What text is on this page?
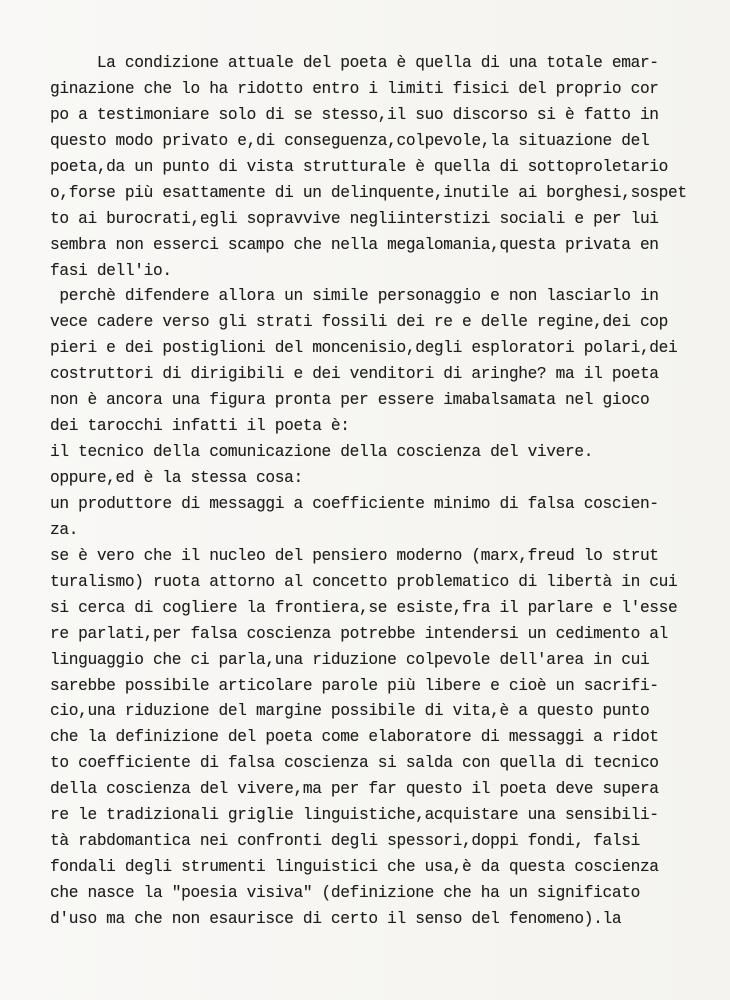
La condizione attuale del poeta è quella di una totale emar-
ginazione che lo ha ridotto entro i limiti fisici del proprio cor
po a testimoniare solo di se stesso,il suo discorso si è fatto in
questo modo privato e,di conseguenza,colpevole,la situazione del
poeta,da un punto di vista strutturale è quella di sottoproletario
o,forse più esattamente di un delinquente,inutile ai borghesi,sospet
to ai burocrati,egli sopravvive negliinterstizi sociali e per lui
sembra non esserci scampo che nella megalomania,questa privata en
fasi dell'io.
perchè difendere allora un simile personaggio e non lasciarlo in
vece cadere verso gli strati fossili dei re e delle regine,dei cop
pieri e dei postiglioni del moncenisio,degli esploratori polari,dei
costruttori di dirigibili e dei venditori di aringhe? ma il poeta
non è ancora una figura pronta per essere imabalsamata nel gioco
dei tarocchi infatti il poeta è:
il tecnico della comunicazione della coscienza del vivere.
oppure,ed è la stessa cosa:
un produttore di messaggi a coefficiente minimo di falsa coscien-
za.
se è vero che il nucleo del pensiero moderno (marx,freud lo strut
turalismo) ruota attorno al concetto problematico di libertà in cui
si cerca di cogliere la frontiera,se esiste,fra il parlare e l'esse
re parlati,per falsa coscienza potrebbe intendersi un cedimento al
linguaggio che ci parla,una riduzione colpevole dell'area in cui
sarebbe possibile articolare parole più libere e cioè un sacrifi-
cio,una riduzione del margine possibile di vita,è a questo punto
che la definizione del poeta come elaboratore di messaggi a ridot
to coefficiente di falsa coscienza si salda con quella di tecnico
della coscienza del vivere,ma per far questo il poeta deve supera
re le tradizionali griglie linguistiche,acquistare una sensibili-
tà rabdomantica nei confronti degli spessori,doppi fondi, falsi
fondali degli strumenti linguistici che usa,è da questa coscienza
che nasce la "poesia visiva" (definizione che ha un significato
d'uso ma che non esaurisce di certo il senso del fenomeno).la
